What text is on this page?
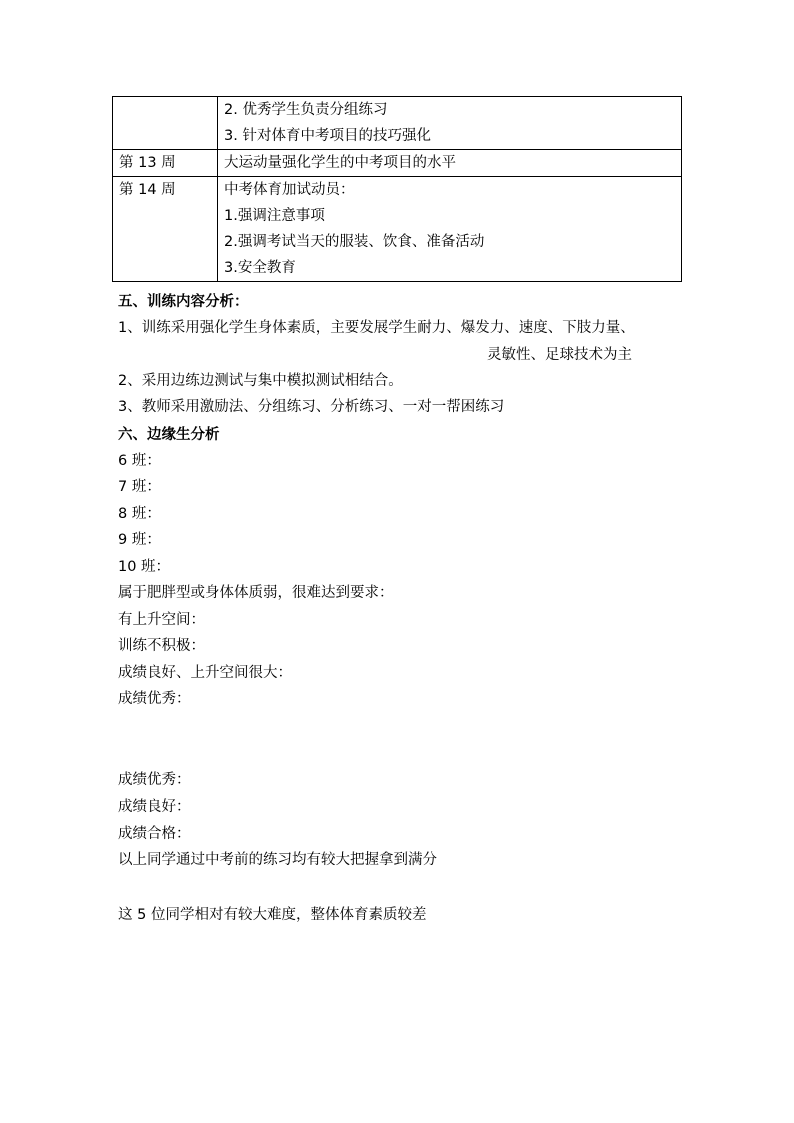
	2. 优秀学生负责分组练习
3. 针对体育中考项目的技巧强化

第 13 周	大运动量强化学生的中考项目的水平

第 14 周	中考体育加试动员：
1.强调注意事项
2.强调考试当天的服装、饮食、准备活动
3.安全教育
五、训练内容分析：
1、训练采用强化学生身体素质，主要发展学生耐力、爆发力、速度、下肢力量、
灵敏性、足球技术为主
2、采用边练边测试与集中模拟测试相结合。
3、教师采用激励法、分组练习、分析练习、一对一帮困练习
六、边缘生分析
6 班：
7 班：
8 班：
9 班：
10 班：
属于肥胖型或身体体质弱，很难达到要求：
有上升空间：
训练不积极：
成绩良好、上升空间很大：
成绩优秀：
成绩优秀：
成绩良好：
成绩合格：
以上同学通过中考前的练习均有较大把握拿到满分
这 5 位同学相对有较大难度，整体体育素质较差
